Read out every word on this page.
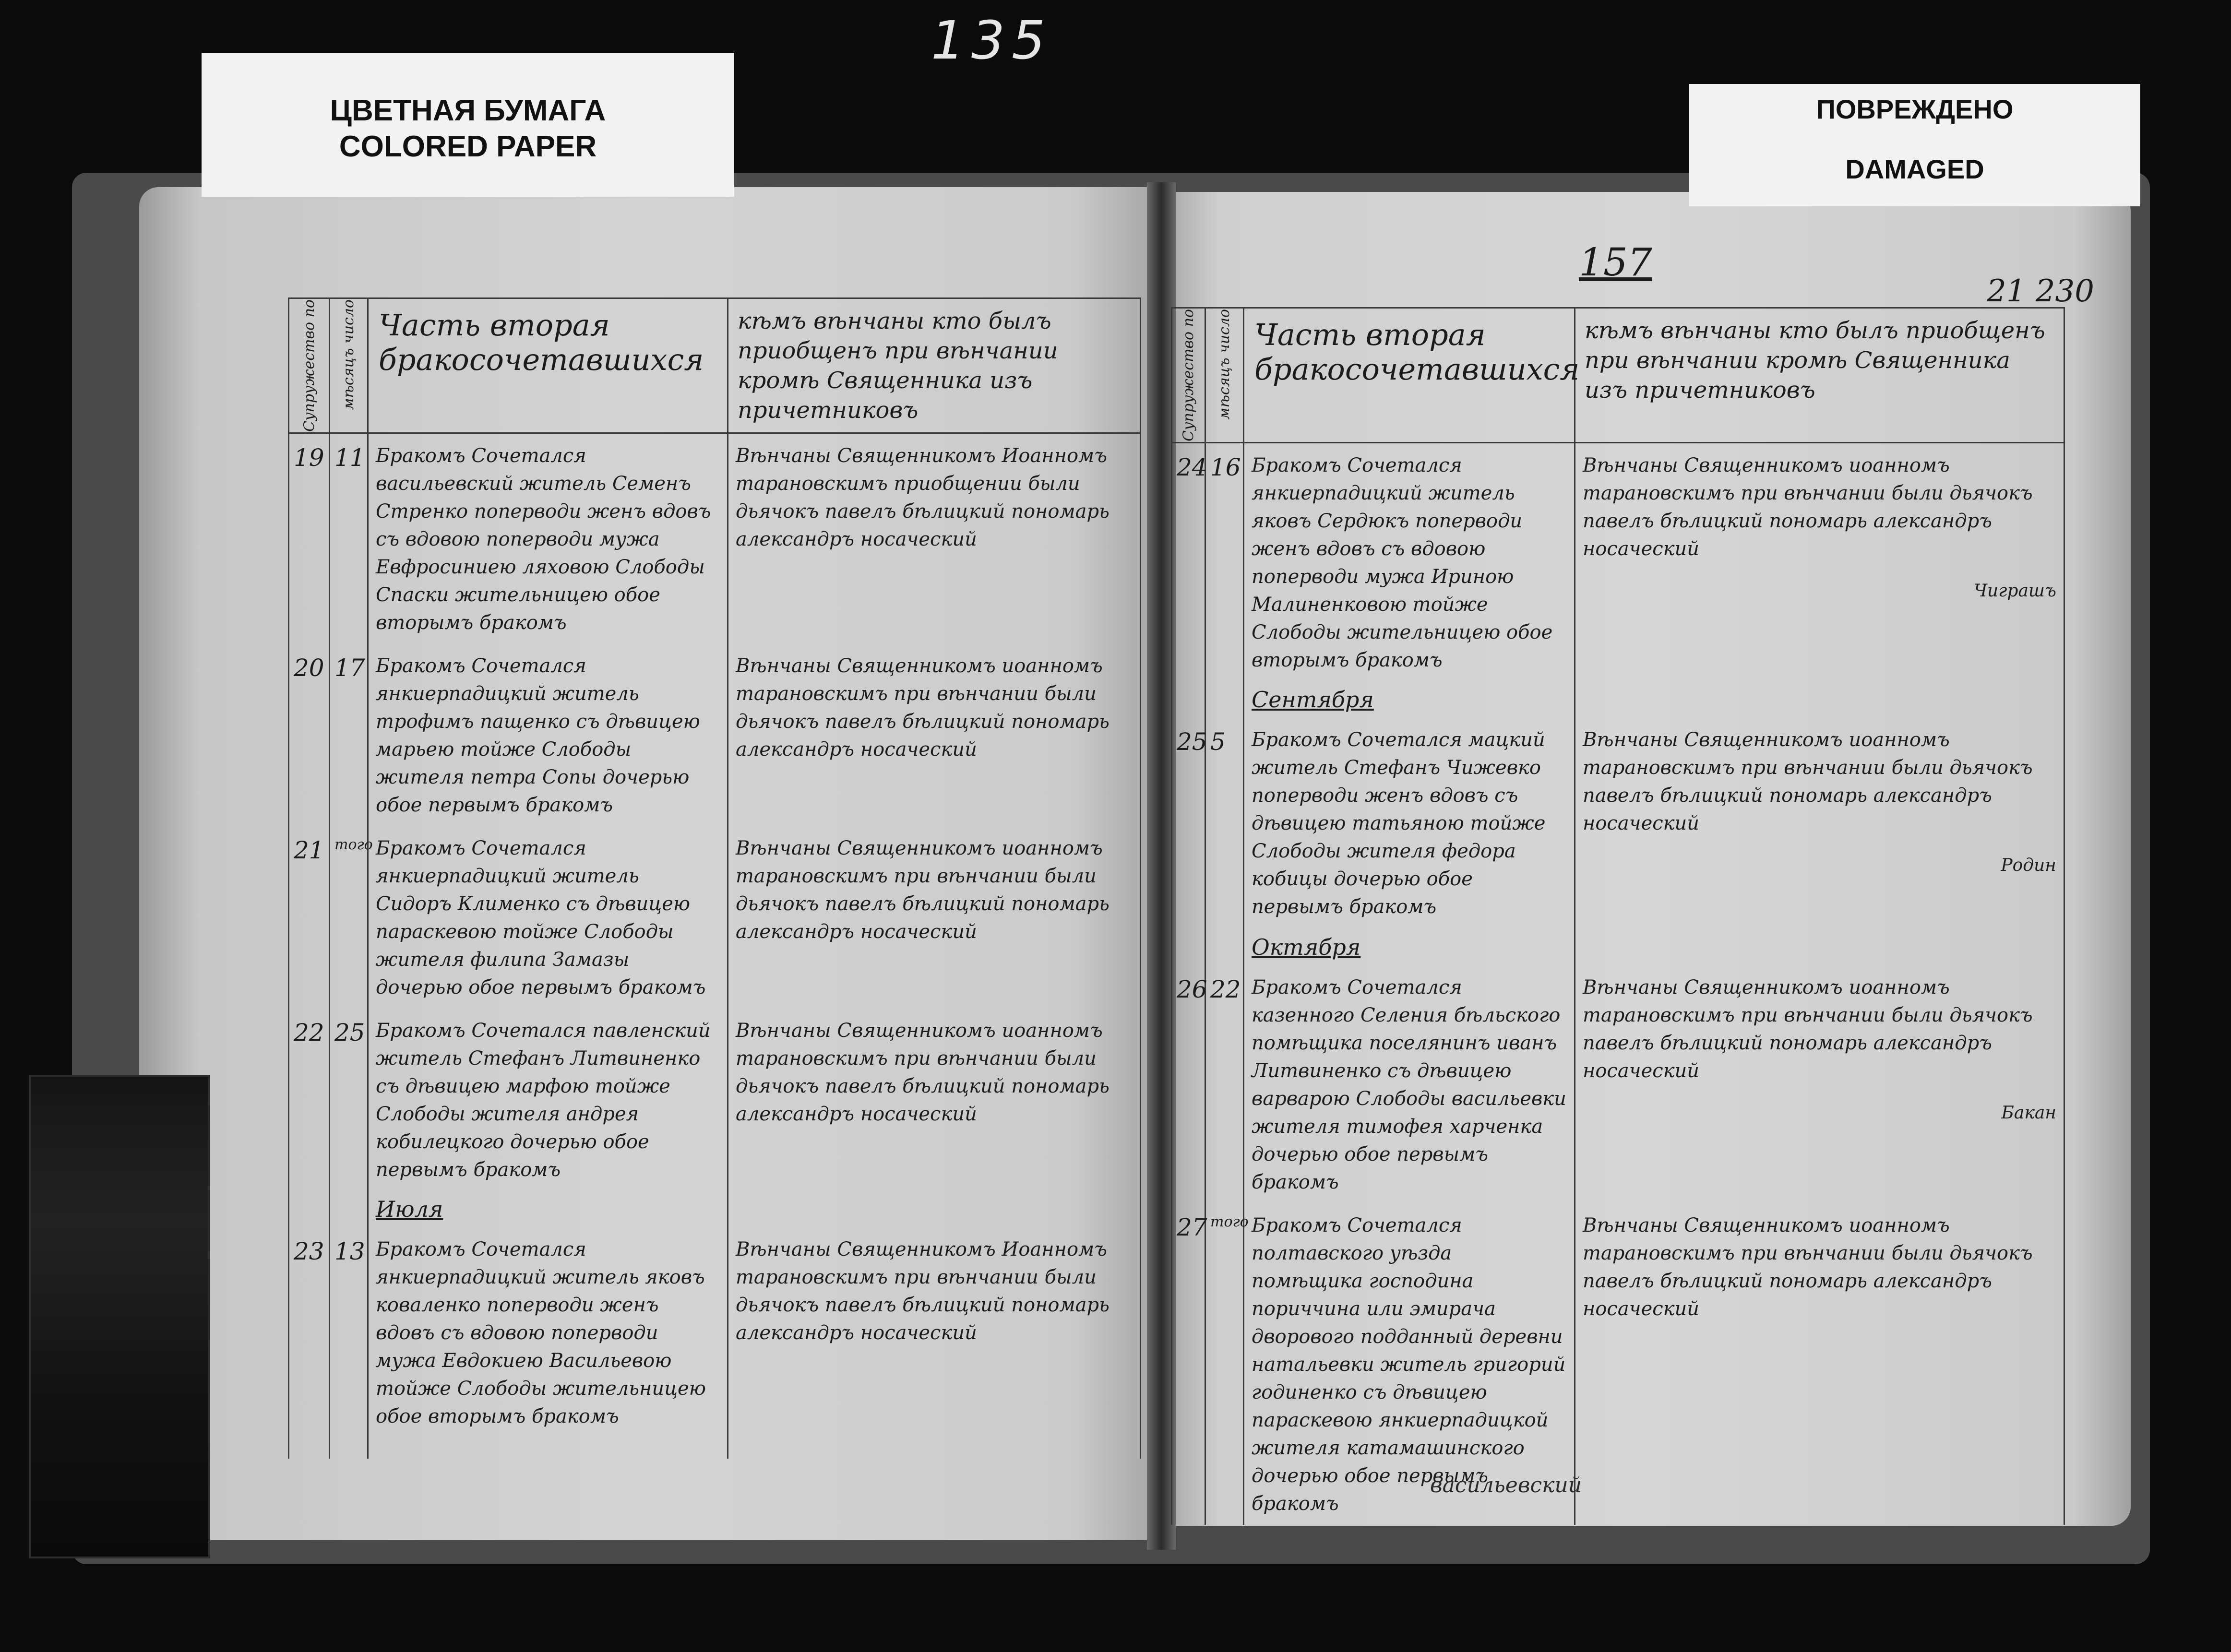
135
ЦВЕТНАЯ БУМАГА
COLORED PAPER
ПОВРЕЖДЕНО
DAMAGED
157
21 230
Супружество по	мѣсяцъ число	Часть вторая бракосочетавшихся	кѣмъ вѣнчаны кто былъ приобщенъ при вѣнчании кромѣ Священника изъ причетниковъ

19	11	Бракомъ Сочетался васильевский житель Семенъ Стренко поперводи женъ вдовъ съ вдовою поперводи мужа Евфросиниею ляховою Слободы Спаски жительницею обое вторымъ бракомъ	Вѣнчаны Священникомъ Иоанномъ тарановскимъ приобщении были дьячокъ павелъ бѣлицкий пономарь александръ носаческий

20	17	Бракомъ Сочетался янкиерпадицкий житель трофимъ пащенко съ дѣвицею марьею тойже Слободы жителя петра Сопы дочерью обое первымъ бракомъ	Вѣнчаны Священникомъ иоанномъ тарановскимъ при вѣнчании были дьячокъ павелъ бѣлицкий пономарь александръ носаческий

21	того	Бракомъ Сочетался янкиерпадицкий житель Сидоръ Клименко съ дѣвицею параскевою тойже Слободы жителя филипа Замазы дочерью обое первымъ бракомъ	Вѣнчаны Священникомъ иоанномъ тарановскимъ при вѣнчании были дьячокъ павелъ бѣлицкий пономарь александръ носаческий

22	25	Бракомъ Сочетался павленский житель Стефанъ Литвиненко съ дѣвицею марфою тойже Слободы жителя андрея кобилецкого дочерью обое первымъ бракомъ	Вѣнчаны Священникомъ иоанномъ тарановскимъ при вѣнчании были дьячокъ павелъ бѣлицкий пономарь александръ носаческий

		Июля	

23	13	Бракомъ Сочетался янкиерпадицкий житель яковъ коваленко поперводи женъ вдовъ съ вдовою поперводи мужа Евдокиею Васильевою тойже Слободы жительницею обое вторымъ бракомъ	Вѣнчаны Священникомъ Иоанномъ тарановскимъ при вѣнчании были дьячокъ павелъ бѣлицкий пономарь александръ носаческий
Супружество по	мѣсяцъ число	Часть вторая бракосочетавшихся	кѣмъ вѣнчаны кто былъ приобщенъ при вѣнчании кромѣ Священника изъ причетниковъ

24	16	Бракомъ Сочетался янкиерпадицкий житель яковъ Сердюкъ поперводи женъ вдовъ съ вдовою поперводи мужа Ириною Малиненковою тойже Слободы жительницею обое вторымъ бракомъ	Вѣнчаны Священникомъ иоанномъ тарановскимъ при вѣнчании были дьячокъ павелъ бѣлицкий пономарь александръ носаческий
Чиграшъ

		Сентября	

25	5	Бракомъ Сочетался мацкий житель Стефанъ Чижевко поперводи женъ вдовъ съ дѣвицею татьяною тойже Слободы жителя федора кобицы дочерью обое первымъ бракомъ	Вѣнчаны Священникомъ иоанномъ тарановскимъ при вѣнчании были дьячокъ павелъ бѣлицкий пономарь александръ носаческий
Родин

		Октября	

26	22	Бракомъ Сочетался казенного Селения бѣльского помѣщика поселянинъ иванъ Литвиненко съ дѣвицею варварою Слободы васильевки жителя тимофея харченка дочерью обое первымъ бракомъ	Вѣнчаны Священникомъ иоанномъ тарановскимъ при вѣнчании были дьячокъ павелъ бѣлицкий пономарь александръ носаческий
Бакан

27	того	Бракомъ Сочетался полтавского уѣзда помѣщика господина пориччина или эмирача дворового подданный деревни натальевки житель григорий годиненко съ дѣвицею параскевою янкиерпадицкой жителя катамашинского дочерью обое первымъ бракомъ	Вѣнчаны Священникомъ иоанномъ тарановскимъ при вѣнчании были дьячокъ павелъ бѣлицкий пономарь александръ носаческий
васильевский
